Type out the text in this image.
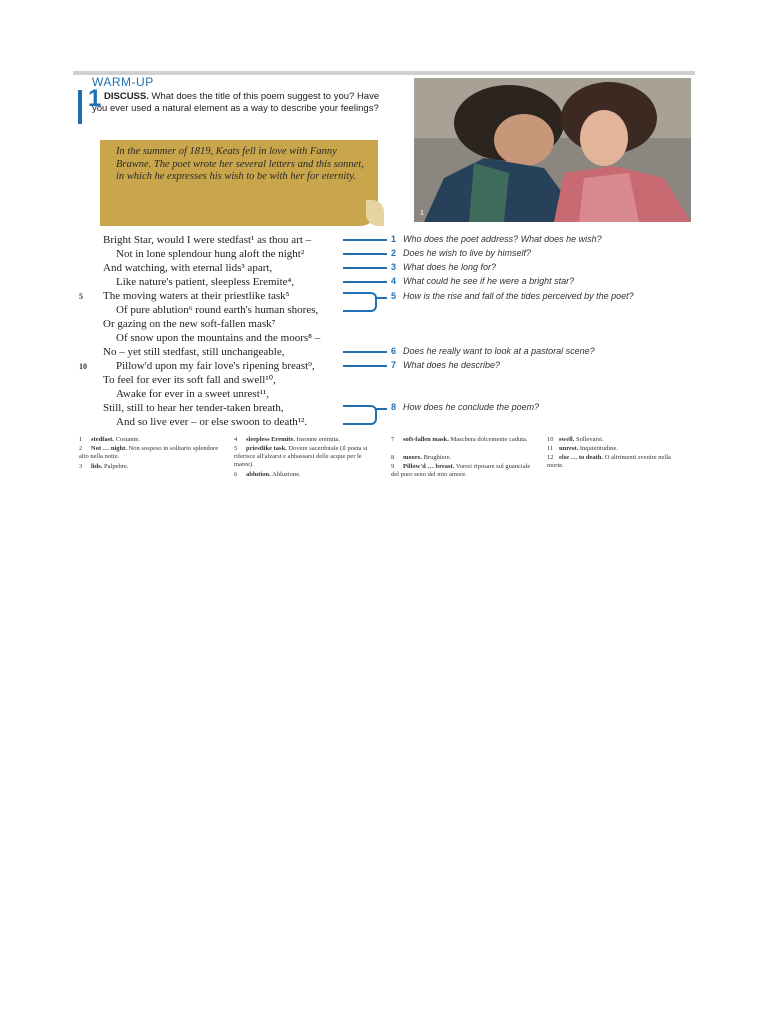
WARM-UP
1 DISCUSS. What does the title of this poem suggest to you? Have you ever used a natural element as a way to describe your feelings?
In the summer of 1819, Keats fell in love with Fanny Brawne. The poet wrote her several letters and this sonnet, in which he expresses his wish to be with her for eternity.
1
Bright Star, would I were stedfast¹ as thou art –
Not in lone splendour hung aloft the night²
And watching, with eternal lids³ apart,
Like nature's patient, sleepless Eremite⁴,
The moving waters at their priestlike task⁵
Of pure ablution⁶ round earth's human shores,
Or gazing on the new soft-fallen mask⁷
Of snow upon the mountains and the moors⁸ –
No – yet still stedfast, still unchangeable,
Pillow'd upon my fair love's ripening breast⁹,
To feel for ever its soft fall and swell¹⁰,
Awake for ever in a sweet unrest¹¹,
Still, still to hear her tender-taken breath,
And so live ever – or else swoon to death¹².
5
10
1 Who does the poet address? What does he wish?
2 Does he wish to live by himself?
3 What does he long for?
4 What could he see if he were a bright star?
5 How is the rise and fall of the tides perceived by the poet?
6 Does he really want to look at a pastoral scene?
7 What does he describe?
8 How does he conclude the poem?
1 stedfast. Costante.
2 Not … night. Non sospeso in solitario splendore alto nella notte.
3 lids. Palpebre.
4 sleepless Eremite. Insonne eremita.
5 priestlike task. Dovere sacerdotale (il poeta si riferisce all'alzarsi e abbassarsi delle acque per le maree).
6 ablution. Abluzione.
7 soft-fallen mask. Maschera dolcemente caduta.
8 moors. Brughiere.
9 Pillow'd … breast. Vorrei riposare sul guanciale del puro seno del mio amore.
10 swell. Sollevarsi.
11 unrest. Inquietitudine.
12 else … to death. O altrimenti svenire nella morte.
